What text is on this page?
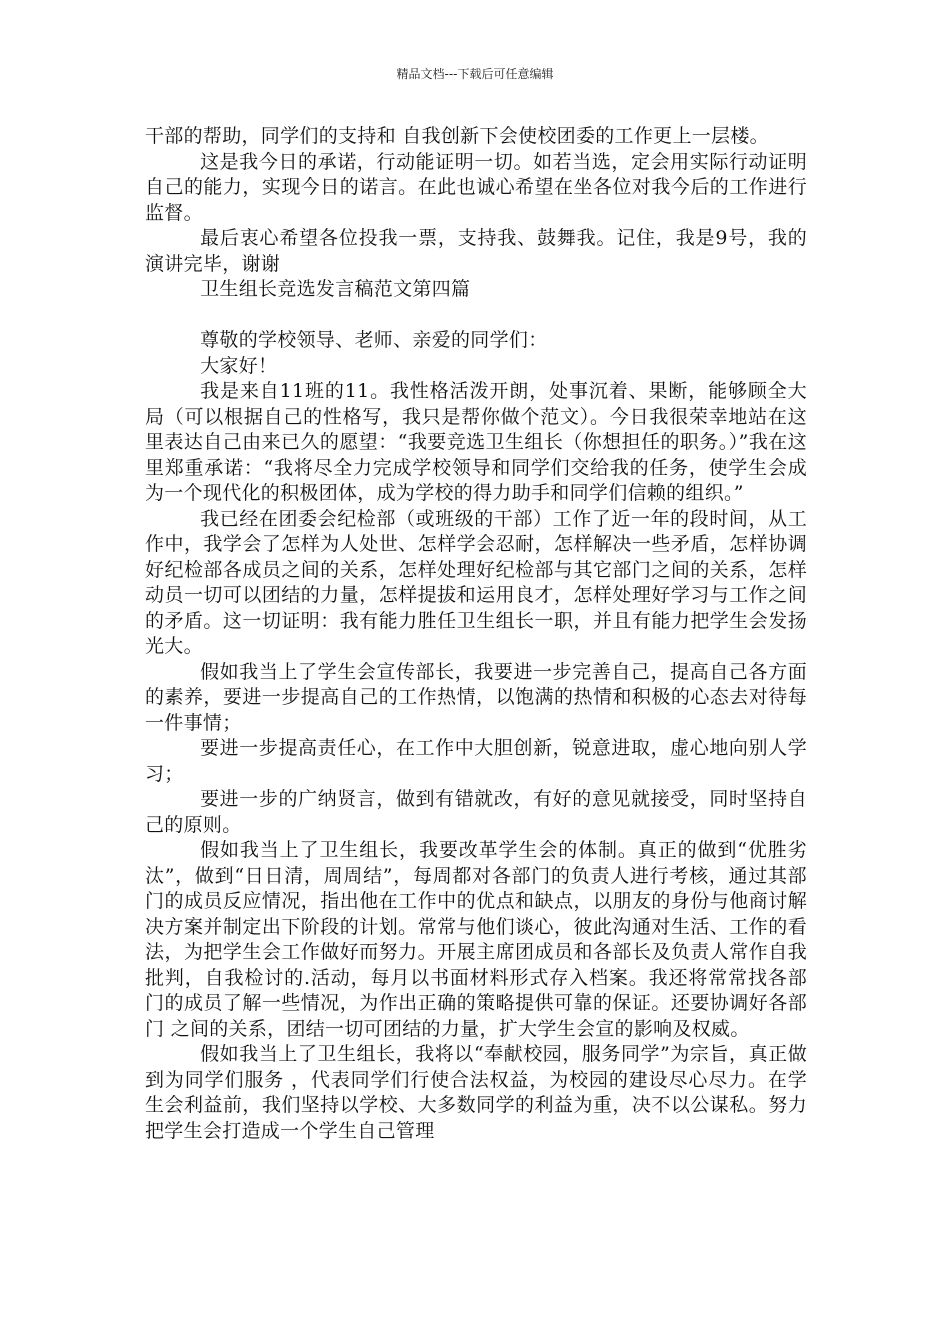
精品文档---下载后可任意编辑

干部的帮助，同学们的支持和 自我创新下会使校团委的工作更上一层楼。

这是我今日的承诺，行动能证明一切。如若当选，定会用实际行动证明自己的能力，实现今日的诺言。在此也诚心希望在坐各位对我今后的工作进行监督。

最后衷心希望各位投我一票，支持我、鼓舞我。记住，我是9号，我的演讲完毕，谢谢

卫生组长竞选发言稿范文第四篇

尊敬的学校领导、老师、亲爱的同学们：

大家好！

我是来自11班的11。我性格活泼开朗，处事沉着、果断，能够顾全大局（可以根据自己的性格写，我只是帮你做个范文）。今日我很荣幸地站在这里表达自己由来已久的愿望：“我要竞选卫生组长（你想担任的职务。）”我在这里郑重承诺：“我将尽全力完成学校领导和同学们交给我的任务，使学生会成为一个现代化的积极团体，成为学校的得力助手和同学们信赖的组织。”

我已经在团委会纪检部（或班级的干部）工作了近一年的段时间，从工作中，我学会了怎样为人处世、怎样学会忍耐，怎样解决一些矛盾，怎样协调好纪检部各成员之间的关系，怎样处理好纪检部与其它部门之间的关系，怎样动员一切可以团结的力量，怎样提拔和运用良才，怎样处理好学习与工作之间的矛盾。这一切证明：我有能力胜任卫生组长一职，并且有能力把学生会发扬光大。

假如我当上了学生会宣传部长，我要进一步完善自己，提高自己各方面的素养，要进一步提高自己的工作热情，以饱满的热情和积极的心态去对待每一件事情；

要进一步提高责任心，在工作中大胆创新，锐意进取，虚心地向别人学习；

要进一步的广纳贤言，做到有错就改，有好的意见就接受，同时坚持自己的原则。

假如我当上了卫生组长，我要改革学生会的体制。真正的做到“优胜劣汰”，做到“日日清，周周结”，每周都对各部门的负责人进行考核，通过其部门的成员反应情况，指出他在工作中的优点和缺点，以朋友的身份与他商讨解决方案并制定出下阶段的计划。常常与他们谈心，彼此沟通对生活、工作的看法，为把学生会工作做好而努力。开展主席团成员和各部长及负责人常作自我批判，自我检讨的.活动，每月以书面材料形式存入档案。我还将常常找各部门的成员了解一些情况，为作出正确的策略提供可靠的保证。还要协调好各部门 之间的关系，团结一切可团结的力量，扩大学生会宣的影响及权威。

假如我当上了卫生组长，我将以“奉献校园，服务同学”为宗旨，真正做到为同学们服务 ，代表同学们行使合法权益，为校园的建设尽心尽力。在学生会利益前，我们坚持以学校、大多数同学的利益为重，决不以公谋私。努力把学生会打造成一个学生自己管理
